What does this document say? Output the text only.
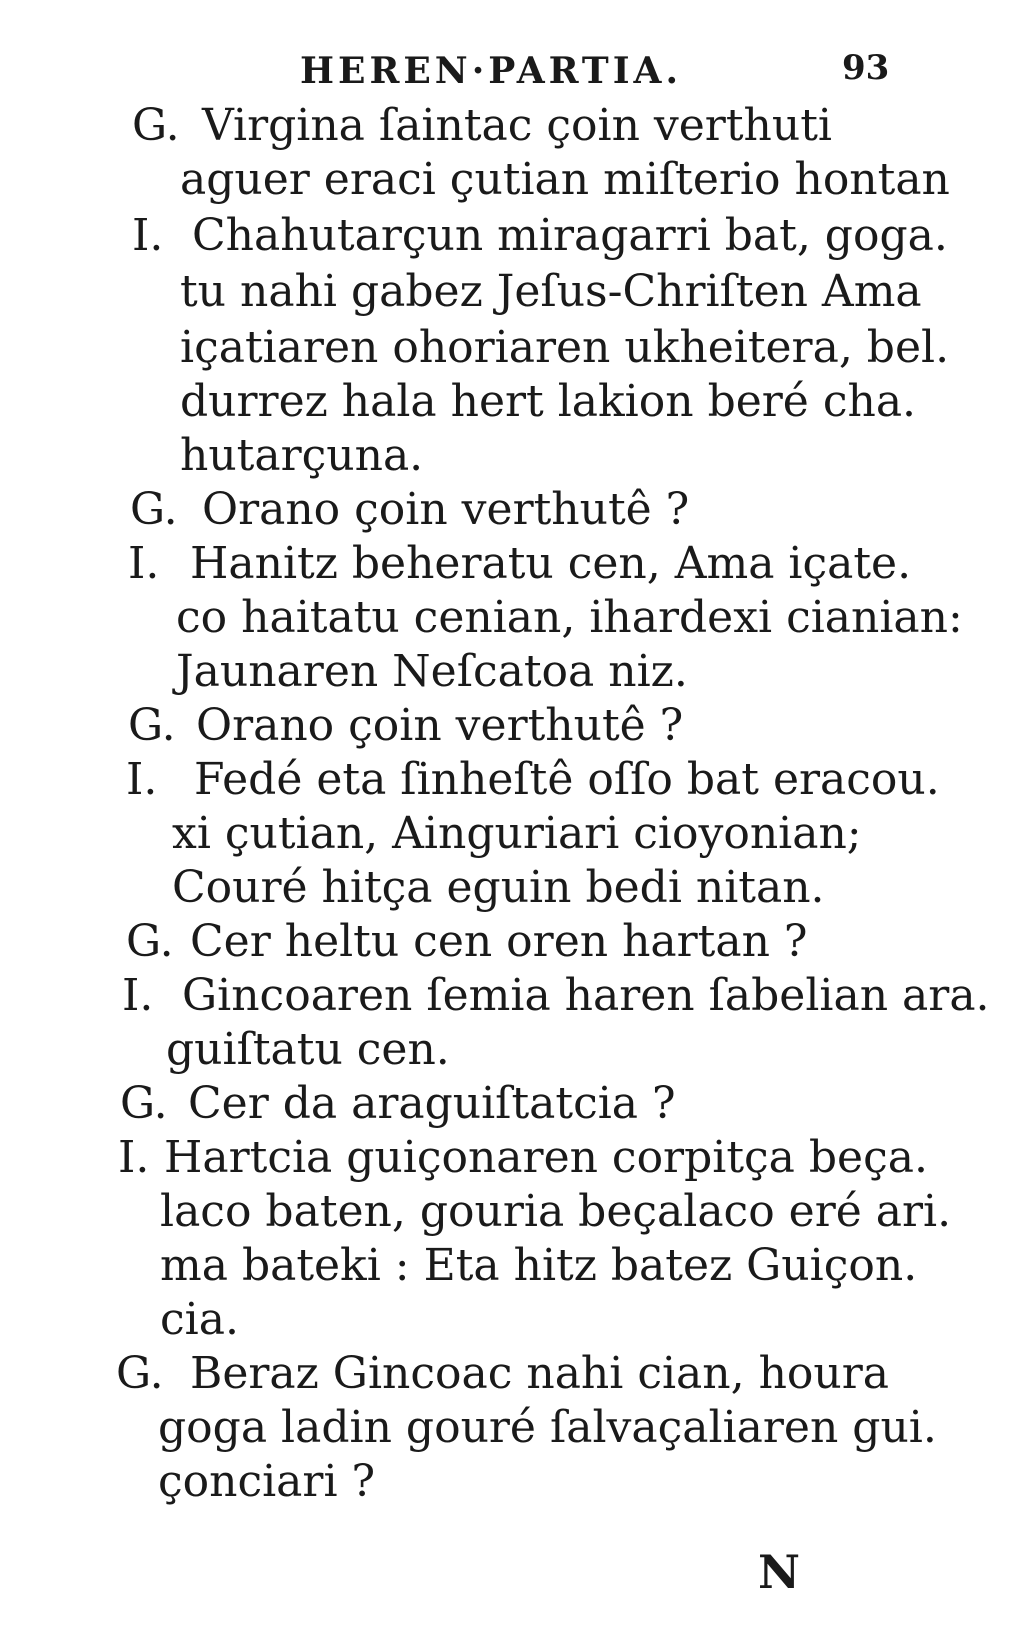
HEREN·PARTIA.	93
G. Virgina ſaintac çoin verthuti
aguer eraci çutian miſterio hontan
I. Chahutarçun miragarri bat, goga.
tu nahi gabez Jeſus-Chriſten Ama
içatiaren ohoriaren ukheitera, bel.
durrez hala hert lakion beré cha.
hutarçuna.
G. Orano çoin verthutê ?
I. Hanitz beheratu cen, Ama içate.
co haitatu cenian, ihardexi cianian:
Jaunaren Neſcatoa niz.
G. Orano çoin verthutê ?
I. Fedé eta ſinheſtê oſſo bat eracou.
xi çutian, Ainguriari cioyonian;
Couré hitça eguin bedi nitan.
G. Cer heltu cen oren hartan ?
I. Gincoaren ſemia haren ſabelian ara.
guiſtatu cen.
G. Cer da araguiſtatcia ?
I. Hartcia guiçonaren corpitça beça.
laco baten, gouria beçalaco eré ari.
ma bateki : Eta hitz batez Guiçon.
cia.
G. Beraz Gincoac nahi cian, houra
goga ladin gouré ſalvaçaliaren gui.
çonciari ?
N
